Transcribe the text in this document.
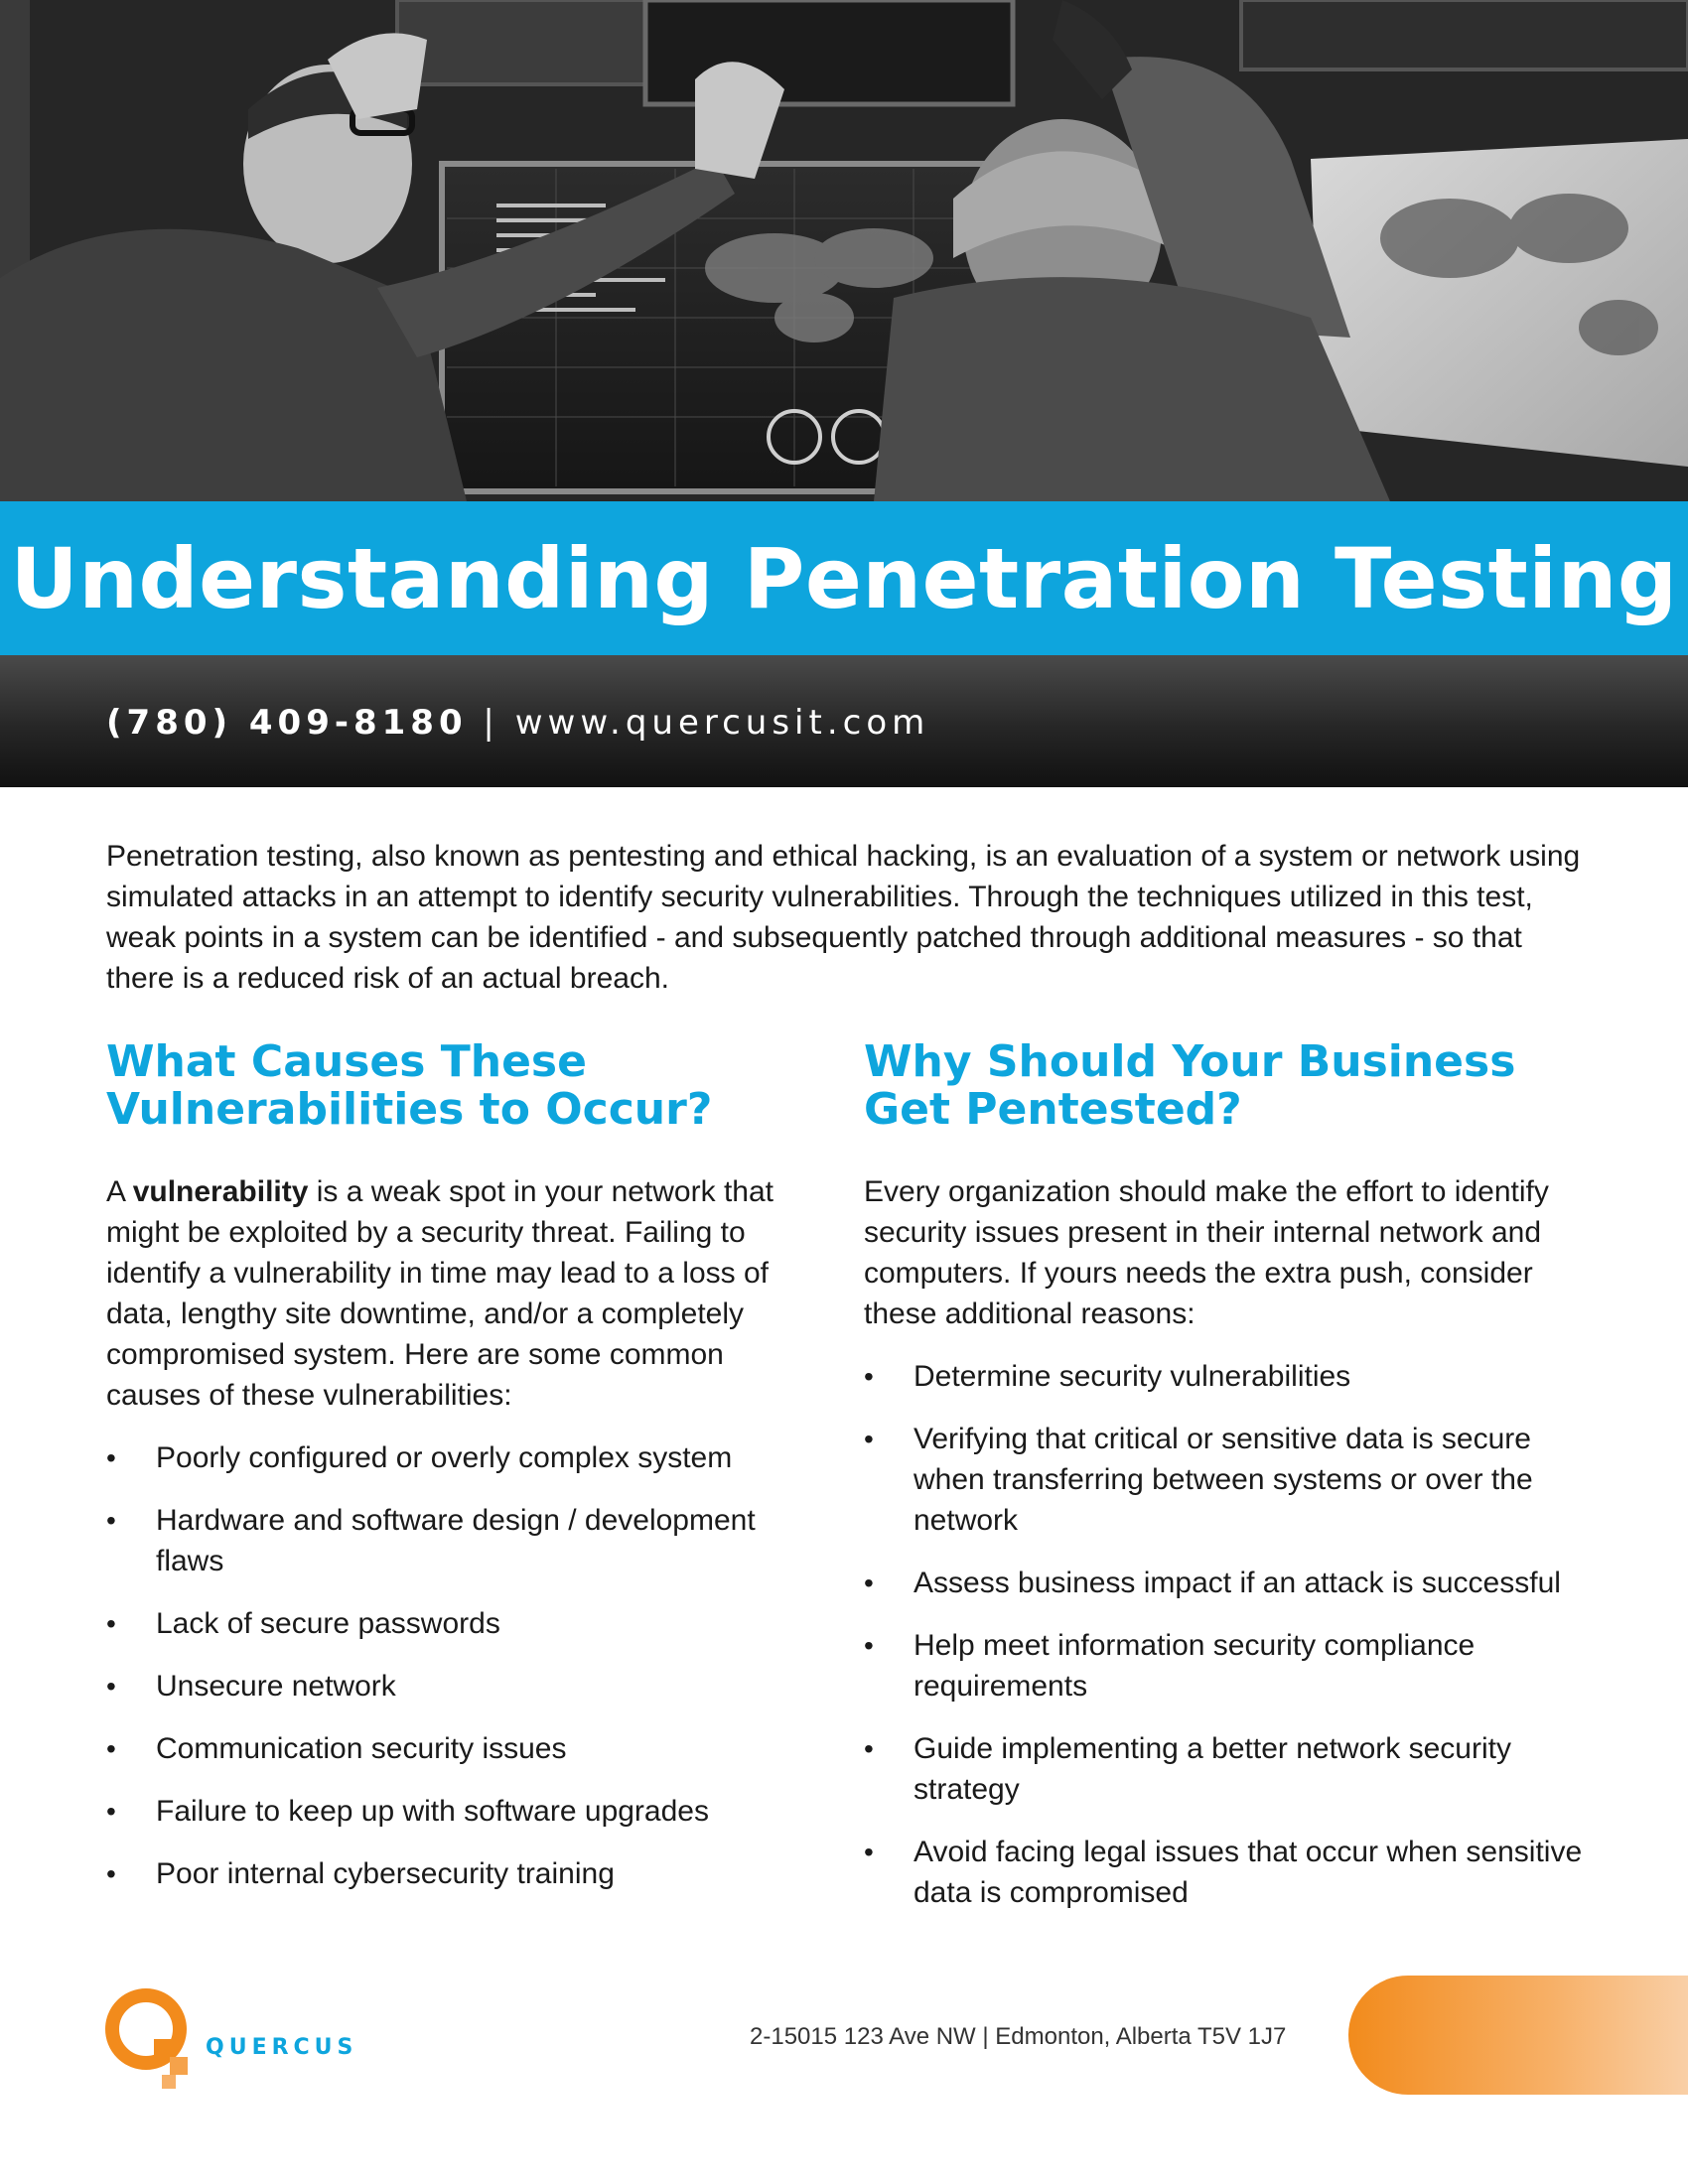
Understanding Penetration Testing
(780) 409-8180 | www.quercusit.com

Penetration testing, also known as pentesting and ethical hacking, is an evaluation of a system or network using simulated attacks in an attempt to identify security vulnerabilities. Through the techniques utilized in this test, weak points in a system can be identified - and subsequently patched through additional measures - so that there is a reduced risk of an actual breach.

What Causes These
Vulnerabilities to Occur?

A vulnerability is a weak spot in your network that might be exploited by a security threat. Failing to identify a vulnerability in time may lead to a loss of data, lengthy site downtime, and/or a completely compromised system. Here are some common causes of these vulnerabilities:

• Poorly configured or overly complex system
• Hardware and software design / development flaws
• Lack of secure passwords
• Unsecure network
• Communication security issues
• Failure to keep up with software upgrades
• Poor internal cybersecurity training
Why Should Your Business
Get Pentested?

Every organization should make the effort to identify security issues present in their internal network and computers. If yours needs the extra push, consider these additional reasons:

• Determine security vulnerabilities
• Verifying that critical or sensitive data is secure when transferring between systems or over the network
• Assess business impact if an attack is successful
• Help meet information security compliance requirements
• Guide implementing a better network security strategy
• Avoid facing legal issues that occur when sensitive data is compromised
QUERCUS	2-15015 123 Ave NW | Edmonton, Alberta T5V 1J7
